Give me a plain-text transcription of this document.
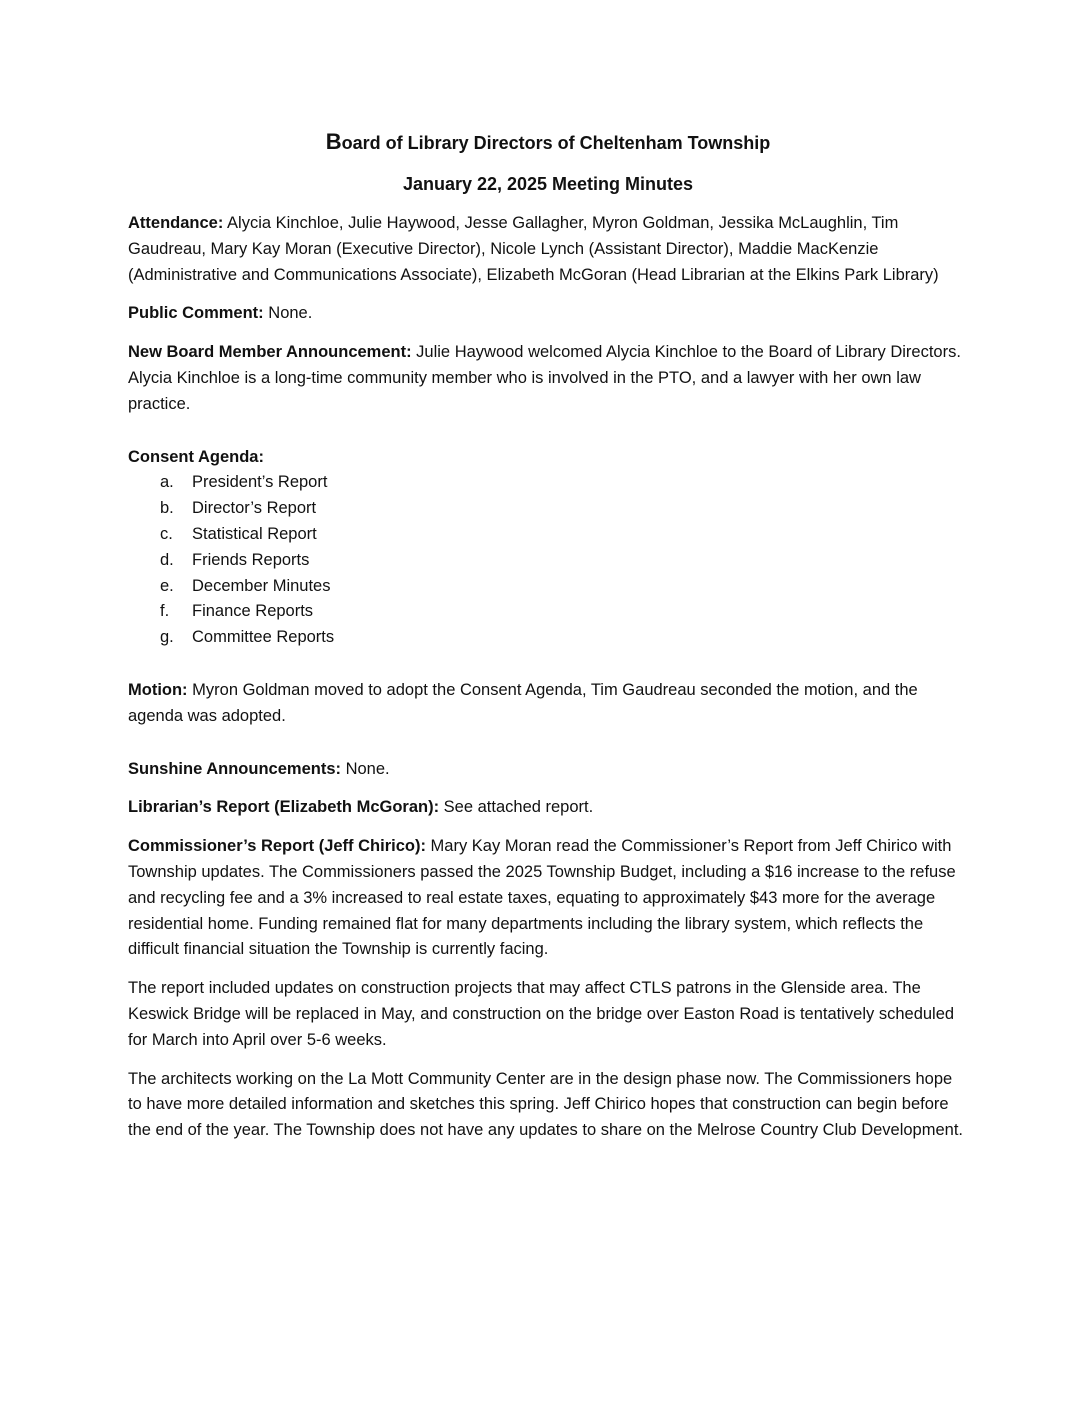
Board of Library Directors of Cheltenham Township
January 22, 2025 Meeting Minutes

Attendance: Alycia Kinchloe, Julie Haywood, Jesse Gallagher, Myron Goldman, Jessika McLaughlin, Tim Gaudreau, Mary Kay Moran (Executive Director), Nicole Lynch (Assistant Director), Maddie MacKenzie (Administrative and Communications Associate), Elizabeth McGoran (Head Librarian at the Elkins Park Library)

Public Comment: None.

New Board Member Announcement: Julie Haywood welcomed Alycia Kinchloe to the Board of Library Directors. Alycia Kinchloe is a long-time community member who is involved in the PTO, and a lawyer with her own law practice.

Consent Agenda:

a.	President’s Report
b.	Director’s Report
c.	Statistical Report
d.	Friends Reports
e.	December Minutes
f.	Finance Reports
g.	Committee Reports

Motion: Myron Goldman moved to adopt the Consent Agenda, Tim Gaudreau seconded the motion, and the agenda was adopted.

Sunshine Announcements: None.

Librarian’s Report (Elizabeth McGoran): See attached report.

Commissioner’s Report (Jeff Chirico): Mary Kay Moran read the Commissioner’s Report from Jeff Chirico with Township updates. The Commissioners passed the 2025 Township Budget, including a $16 increase to the refuse and recycling fee and a 3% increased to real estate taxes, equating to approximately $43 more for the average residential home. Funding remained flat for many departments including the library system, which reflects the difficult financial situation the Township is currently facing.

The report included updates on construction projects that may affect CTLS patrons in the Glenside area. The Keswick Bridge will be replaced in May, and construction on the bridge over Easton Road is tentatively scheduled for March into April over 5-6 weeks.

The architects working on the La Mott Community Center are in the design phase now. The Commissioners hope to have more detailed information and sketches this spring. Jeff Chirico hopes that construction can begin before the end of the year. The Township does not have any updates to share on the Melrose Country Club Development.
